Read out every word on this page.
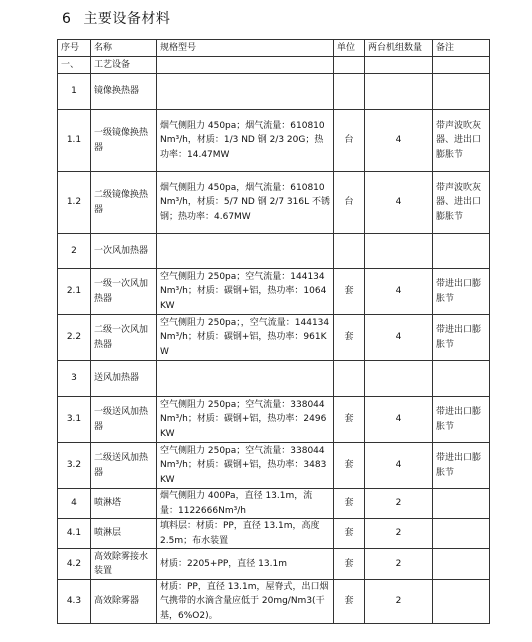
6 主要设备材料
序号	名称	规格型号	单位	两台机组数量	备注
一、	工艺设备				
1	镜像换热器				
1.1	一级镜像换热器	烟气侧阻力 450pa；烟气流量：610810Nm³/h，材质：1/3 ND 钢 2/3 20G；热功率：14.47MW	台	4	带声波吹灰器、进出口膨胀节
1.2	二级镜像换热器	烟气侧阻力 450pa，烟气流量：610810Nm³/h，材质：5/7 ND 钢 2/7 316L 不锈钢；热功率：4.67MW	台	4	带声波吹灰器、进出口膨胀节
2	一次风加热器				
2.1	一级一次风加热器	空气侧阻力 250pa；空气流量：144134Nm³/h；材质：碳钢+铝，热功率：1064KW	套	4	带进出口膨胀节
2.2	二级一次风加热器	空气侧阻力 250pa；，空气流量：144134Nm³/h；材质：碳钢+铝，热功率：961KW	套	4	带进出口膨胀节
3	送风加热器				
3.1	一级送风加热器	空气侧阻力 250pa；空气流量：338044Nm³/h；材质：碳钢+铝，热功率：2496KW	套	4	带进出口膨胀节
3.2	二级送风加热器	空气侧阻力 250pa；空气流量：338044Nm³/h；材质：碳钢+铝，热功率：3483KW	套	4	带进出口膨胀节
4	喷淋塔	烟气侧阻力 400Pa，直径 13.1m，流量：1122666Nm³/h	套	2	
4.1	喷淋层	填料层：材质：PP，直径 13.1m，高度 2.5m；布水装置	套	2	
4.2	高效除雾接水装置	材质：2205+PP，直径 13.1m	套	2	
4.3	高效除雾器	材质：PP，直径 13.1m，屋脊式，出口烟气携带的水滴含量应低于 20mg/Nm3(干基，6%O2)。	套	2	
